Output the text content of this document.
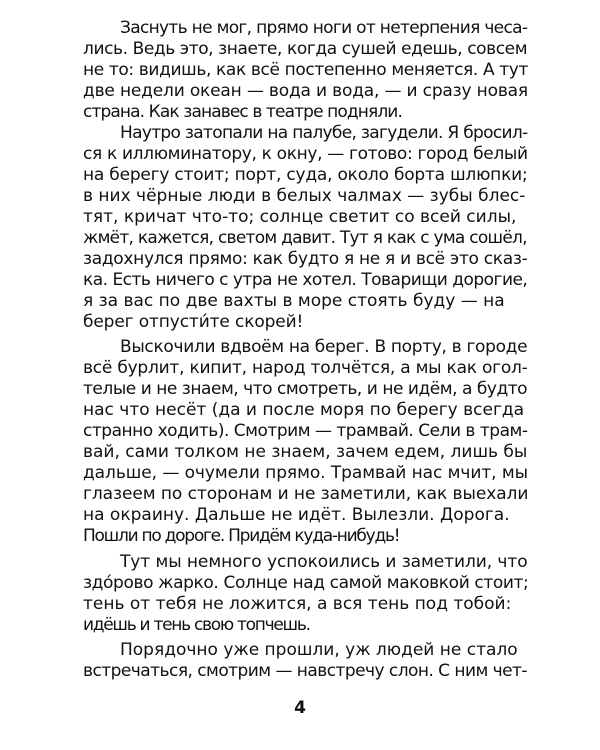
Заснуть не мог, прямо ноги от нетерпения чеса-
лись. Ведь это, знаете, когда сушей едешь, совсем
не то: видишь, как всё постепенно меняется. А тут
две недели океан — вода и вода, — и сразу новая
страна. Как занавес в театре подняли.
Наутро затопали на палубе, загудели. Я бросил-
ся к иллюминатору, к окну, — готово: город белый
на берегу стоит; порт, суда, около борта шлюпки;
в них чёрные люди в белых чалмах — зубы блес-
тят, кричат что-то; солнце светит со всей силы,
жмёт, кажется, светом давит. Тут я как с ума сошёл,
задохнулся прямо: как будто я не я и всё это сказ-
ка. Есть ничего с утра не хотел. Товарищи дорогие,
я за вас по две вахты в море стоять буду — на
берег отпусти́те скорей!
Выскочили вдвоём на берег. В порту, в городе
всё бурлит, кипит, народ толчётся, а мы как огол-
телые и не знаем, что смотреть, и не идём, а будто
нас что несёт (да и после моря по берегу всегда
странно ходить). Смотрим — трамвай. Сели в трам-
вай, сами толком не знаем, зачем едем, лишь бы
дальше, — очумели прямо. Трамвай нас мчит, мы
глазеем по сторонам и не заметили, как выехали
на окраину. Дальше не идёт. Вылезли. Дорога.
Пошли по дороге. Придём куда-нибудь!
Тут мы немного успокоились и заметили, что
здо́рово жарко. Солнце над самой маковкой стоит;
тень от тебя не ложится, а вся тень под тобой:
идёшь и тень свою топчешь.
Порядочно уже прошли, уж людей не стало
встречаться, смотрим — навстречу слон. С ним чет-
4
